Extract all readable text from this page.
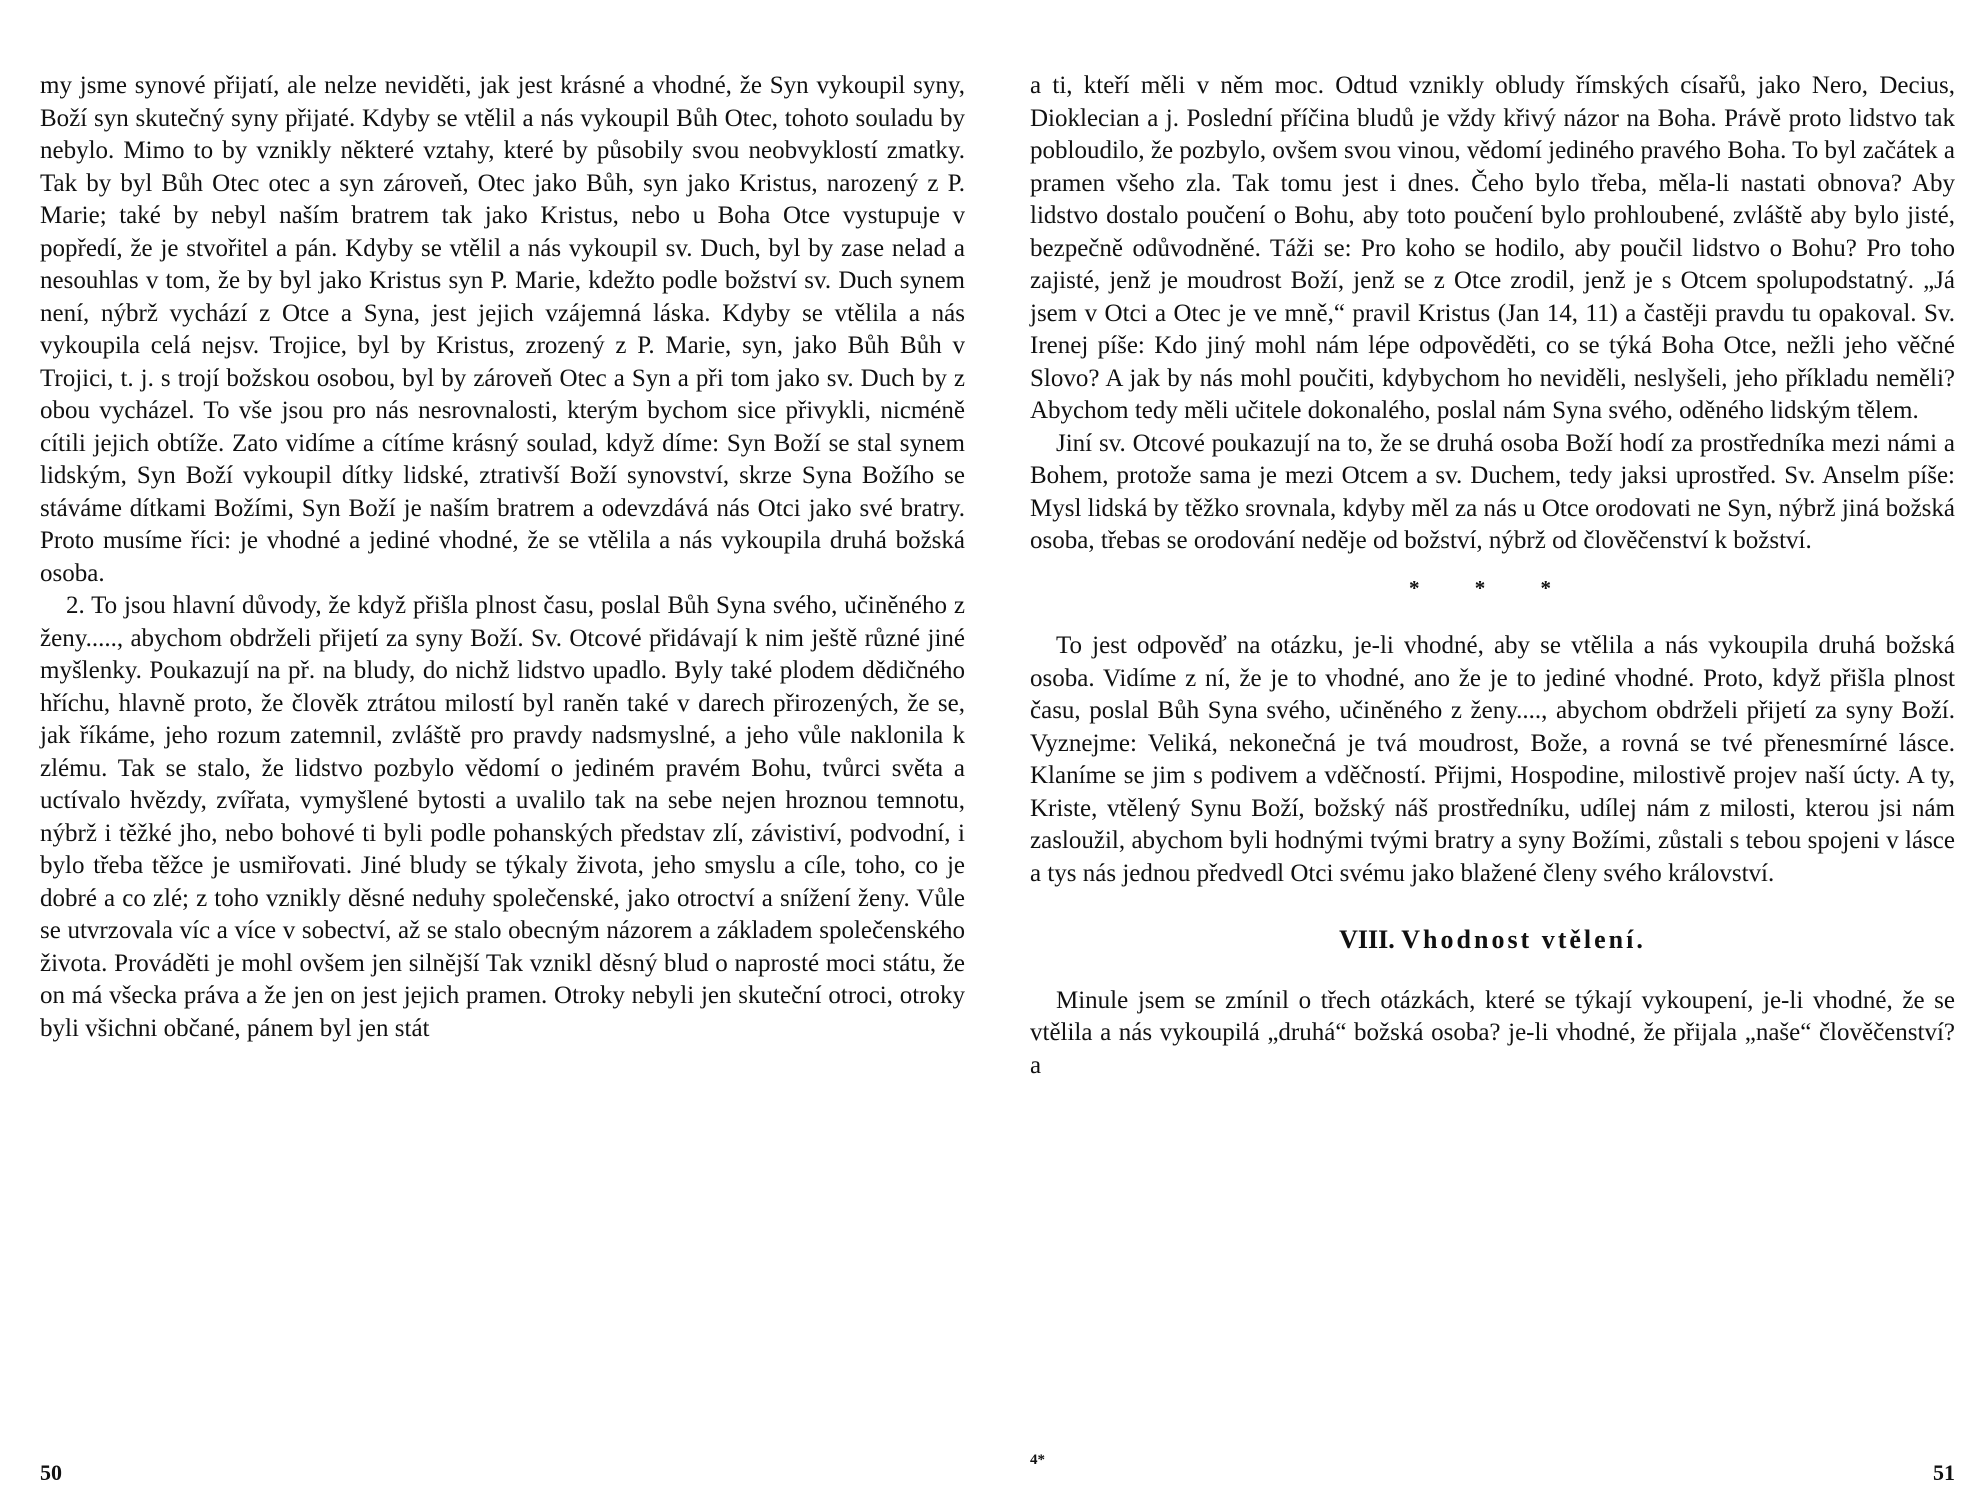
my jsme synové přijatí, ale nelze neviděti, jak jest krásné a vhodné, že Syn vykoupil syny, Boží syn skutečný syny přijaté. Kdyby se vtělil a nás vykoupil Bůh Otec, tohoto souladu by nebylo. Mimo to by vznikly některé vztahy, které by působily svou neobvyklostí zmatky. Tak by byl Bůh Otec otec a syn zároveň, Otec jako Bůh, syn jako Kristus, narozený z P. Marie; také by nebyl naším bratrem tak jako Kristus, nebo u Boha Otce vystupuje v popředí, že je stvořitel a pán. Kdyby se vtělil a nás vykoupil sv. Duch, byl by zase nelad a nesouhlas v tom, že by byl jako Kristus syn P. Marie, kdežto podle božství sv. Duch synem není, nýbrž vychází z Otce a Syna, jest jejich vzájemná láska. Kdyby se vtělila a nás vykoupila celá nejsv. Trojice, byl by Kristus, zrozený z P. Marie, syn, jako Bůh Bůh v Trojici, t. j. s trojí božskou osobou, byl by zároveň Otec a Syn a při tom jako sv. Duch by z obou vycházel. To vše jsou pro nás nesrovnalosti, kterým bychom sice přivykli, nicméně cítili jejich obtíže. Zato vidíme a cítíme krásný soulad, když díme: Syn Boží se stal synem lidským, Syn Boží vykoupil dítky lidské, ztrativší Boží synovství, skrze Syna Božího se stáváme dítkami Božími, Syn Boží je naším bratrem a odevzdává nás Otci jako své bratry. Proto musíme říci: je vhodné a jediné vhodné, že se vtělila a nás vykoupila druhá božská osoba.

2. To jsou hlavní důvody, že když přišla plnost času, poslal Bůh Syna svého, učiněného z ženy....., abychom obdrželi přijetí za syny Boží. Sv. Otcové přidávají k nim ještě různé jiné myšlenky. Poukazují na př. na bludy, do nichž lidstvo upadlo. Byly také plodem dědičného hříchu, hlavně proto, že člověk ztrátou milostí byl raněn také v darech přirozených, že se, jak říkáme, jeho rozum zatemnil, zvláště pro pravdy nadsmyslné, a jeho vůle naklonila k zlému. Tak se stalo, že lidstvo pozbylo vědomí o jediném pravém Bohu, tvůrci světa a uctívalo hvězdy, zvířata, vymyšlené bytosti a uvalilo tak na sebe nejen hroznou temnotu, nýbrž i těžké jho, nebo bohové ti byli podle pohanských představ zlí, závistiví, podvodní, i bylo třeba těžce je usmiřovati. Jiné bludy se týkaly života, jeho smyslu a cíle, toho, co je dobré a co zlé; z toho vznikly děsné neduhy společenské, jako otroctví a snížení ženy. Vůle se utvrzovala víc a více v sobectví, až se stalo obecným názorem a základem společenského života. Prováděti je mohl ovšem jen silnější Tak vznikl děsný blud o naprosté moci státu, že on má všecka práva a že jen on jest jejich pramen. Otroky nebyli jen skuteční otroci, otroky byli všichni občané, pánem byl jen stát

50

a ti, kteří měli v něm moc. Odtud vznikly obludy římských císařů, jako Nero, Decius, Dioklecian a j. Poslední příčina bludů je vždy křivý názor na Boha. Právě proto lidstvo tak pobloudilo, že pozbylo, ovšem svou vinou, vědomí jediného pravého Boha. To byl začátek a pramen všeho zla. Tak tomu jest i dnes. Čeho bylo třeba, měla-li nastati obnova? Aby lidstvo dostalo poučení o Bohu, aby toto poučení bylo prohloubené, zvláště aby bylo jisté, bezpečně odůvodněné. Táži se: Pro koho se hodilo, aby poučil lidstvo o Bohu? Pro toho zajisté, jenž je moudrost Boží, jenž se z Otce zrodil, jenž je s Otcem spolupodstatný. „Já jsem v Otci a Otec je ve mně,“ pravil Kristus (Jan 14, 11) a častěji pravdu tu opakoval. Sv. Irenej píše: Kdo jiný mohl nám lépe odpověděti, co se týká Boha Otce, nežli jeho věčné Slovo? A jak by nás mohl poučiti, kdybychom ho neviděli, neslyšeli, jeho příkladu neměli? Abychom tedy měli učitele dokonalého, poslal nám Syna svého, oděného lidským tělem.

Jiní sv. Otcové poukazují na to, že se druhá osoba Boží hodí za prostředníka mezi námi a Bohem, protože sama je mezi Otcem a sv. Duchem, tedy jaksi uprostřed. Sv. Anselm píše: Mysl lidská by těžko srovnala, kdyby měl za nás u Otce orodovati ne Syn, nýbrž jiná božská osoba, třebas se orodování neděje od božství, nýbrž od člověčenství k božství.

* * *

To jest odpověď na otázku, je-li vhodné, aby se vtělila a nás vykoupila druhá božská osoba. Vidíme z ní, že je to vhodné, ano že je to jediné vhodné. Proto, když přišla plnost času, poslal Bůh Syna svého, učiněného z ženy...., abychom obdrželi přijetí za syny Boží. Vyznejme: Veliká, nekonečná je tvá moudrost, Bože, a rovná se tvé přenesmírné lásce. Klaníme se jim s podivem a vděčností. Přijmi, Hospodine, milostivě projev naší úcty. A ty, Kriste, vtělený Synu Boží, božský náš prostředníku, udílej nám z milosti, kterou jsi nám zasloužil, abychom byli hodnými tvými bratry a syny Božími, zůstali s tebou spojeni v lásce a tys nás jednou předvedl Otci svému jako blažené členy svého království.

VIII. Vhodnost vtělení.

Minule jsem se zmínil o třech otázkách, které se týkají vykoupení, je-li vhodné, že se vtělila a nás vykoupilá „druhá“ božská osoba? je-li vhodné, že přijala „naše“ člověčenství? a

4*	51
